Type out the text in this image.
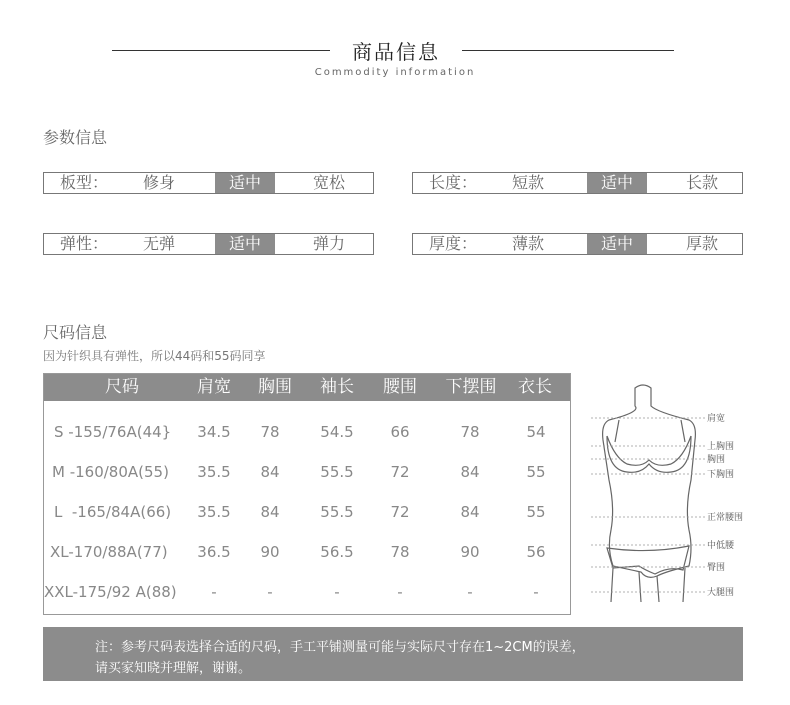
商品信息
Commodity information
参数信息
板型：	修身	适中	宽松	长度：	短款	适中	长款
弹性：	无弹	适中	弹力	厚度：	薄款	适中	厚款
尺码信息
因为针织具有弹性，所以44码和55码同享
尺码	肩宽	胸围	袖长	腰围	下摆围	衣长
S -155/76A(44}	34.5	78	54.5	66	78	54
M -160/80A(55)	35.5	84	55.5	72	84	55
L  -165/84A(66)	35.5	84	55.5	72	84	55
XL-170/88A(77)	36.5	90	56.5	78	90	56
XXL-175/92 A(88)	-	-	-	-	-	-
肩宽
上胸围
胸围
下胸围
正常腰围
中低腰
臀围
大腿围
注：参考尺码表选择合适的尺码，手工平铺测量可能与实际尺寸存在1~2CM的误差，
请买家知晓并理解，谢谢。
